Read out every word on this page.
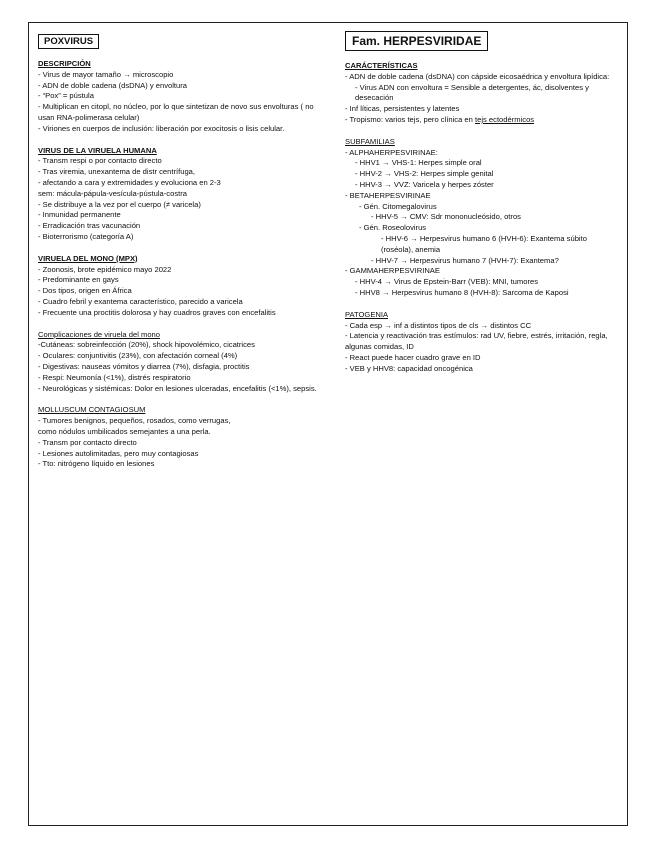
POXVIRUS
DESCRIPCIÓN
- Virus de mayor tamaño → microscopio
- ADN de doble cadena (dsDNA) y envoltura
- “Pox” = pústula
- Multiplican en citopl, no núcleo, por lo que sintetizan de novo sus envolturas ( no usan RNA-polimerasa celular)
- Viriones en cuerpos de inclusión: liberación por exocitosis o lisis celular.
VIRUS DE LA VIRUELA HUMANA
- Transm respi o por contacto directo
- Tras viremia, unexantema de distr centrífuga,
- afectando a cara y extremidades y evoluciona en 2-3
sem: mácula-pápula-vesícula-pústula-costra
- Se distribuye a la vez por el cuerpo (≠ varicela)
- Inmunidad permanente
- Erradicación tras vacunación
- Bioterrorismo (categoría A)
VIRUELA DEL MONO (MPX)
- Zoonosis, brote epidémico mayo 2022
- Predominante en gays
- Dos tipos, origen en África
- Cuadro febril y exantema característico, parecido a varicela
- Frecuente una proctitis dolorosa y hay cuadros graves con encefalitis
Complicaciones de viruela del mono
-Cutáneas: sobreinfección (20%), shock hipovolémico, cicatrices
- Oculares: conjuntivitis (23%), con afectación corneal (4%)
- Digestivas: nauseas vómitos y diarrea (7%), disfagia, proctitis
- Respi: Neumonía (<1%), distrés respiratorio
- Neurológicas y sistémicas: Dolor en lesiones ulceradas, encefalitis (<1%), sepsis.
MOLLUSCUM CONTAGIOSUM
- Tumores benignos, pequeños, rosados, como verrugas,
como nódulos umbilicados semejantes a una perla.
- Transm por contacto directo
- Lesiones autolimitadas, pero muy contagiosas
- Tto: nitrógeno líquido en lesiones
Fam. HERPESVIRIDAE
CARÁCTERÍSTICAS
- ADN de doble cadena (dsDNA) con cápside eicosaédrica y envoltura lipídica:
- Virus ADN con envoltura = Sensible a detergentes, ác, disolventes y desecación
- Inf líticas, persistentes y latentes
- Tropismo: varios tejs, pero clínica en tejs ectodérmicos
SUBFAMILIAS
- ALPHAHERPESVIRINAE:
- HHV1 → VHS-1: Herpes simple oral
- HHV-2 → VHS-2: Herpes simple genital
- HHV-3 → VVZ: Varicela y herpes zóster
- BETAHERPESVIRINAE
- Gén. Citomegalovirus
- HHV-5 → CMV: Sdr mononucleósido, otros
- Gén. Roseolovirus
- HHV-6 → Herpesvirus humano 6 (HVH-6): Exantema súbito (roséola), anemia
- HHV-7 → Herpesvirus humano 7 (HVH-7): Exantema?
- GAMMAHERPESVIRINAE
- HHV-4 → Virus de Epstein-Barr (VEB): MNI, tumores
- HHV8 → Herpesvirus humano 8 (HVH-8): Sarcoma de Kaposi
PATOGENIA
- Cada esp → inf a distintos tipos de cls → distintos CC
- Latencia y reactivación tras estímulos: rad UV, fiebre, estrés, irritación, regla, algunas comidas, ID
- React puede hacer cuadro grave en ID
- VEB y HHV8: capacidad oncogénica
